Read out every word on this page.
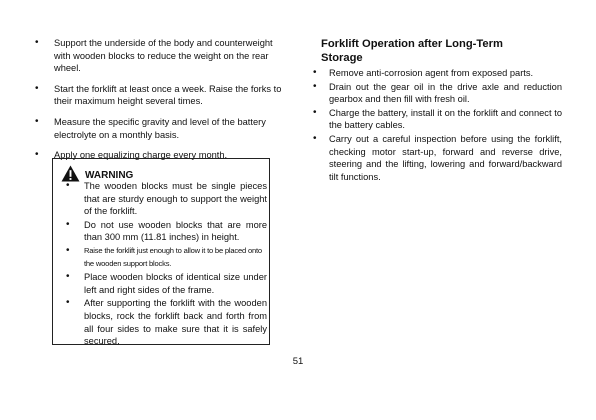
• Support the underside of the body and counterweight with wooden blocks to reduce the weight on the rear wheel.
• Start the forklift at least once a week. Raise the forks to their maximum height several times.
• Measure the specific gravity and level of the battery electrolyte on a monthly basis.
• Apply one equalizing charge every month.
WARNING
• The wooden blocks must be single pieces that are sturdy enough to support the weight of the forklift.
• Do not use wooden blocks that are more than 300 mm (11.81 inches) in height.
• Raise the forklift just enough to allow it to be placed onto the wooden support blocks.
• Place wooden blocks of identical size under left and right sides of the frame.
• After supporting the forklift with the wooden blocks, rock the forklift back and forth from all four sides to make sure that it is safely secured.
Forklift Operation after Long-Term
Storage
• Remove anti-corrosion agent from exposed parts.
• Drain out the gear oil in the drive axle and reduction gearbox and then fill with fresh oil.
• Charge the battery, install it on the forklift and connect to the battery cables.
• Carry out a careful inspection before using the forklift, checking motor start-up, forward and reverse drive, steering and the lifting, lowering and forward/backward tilt functions.
51
